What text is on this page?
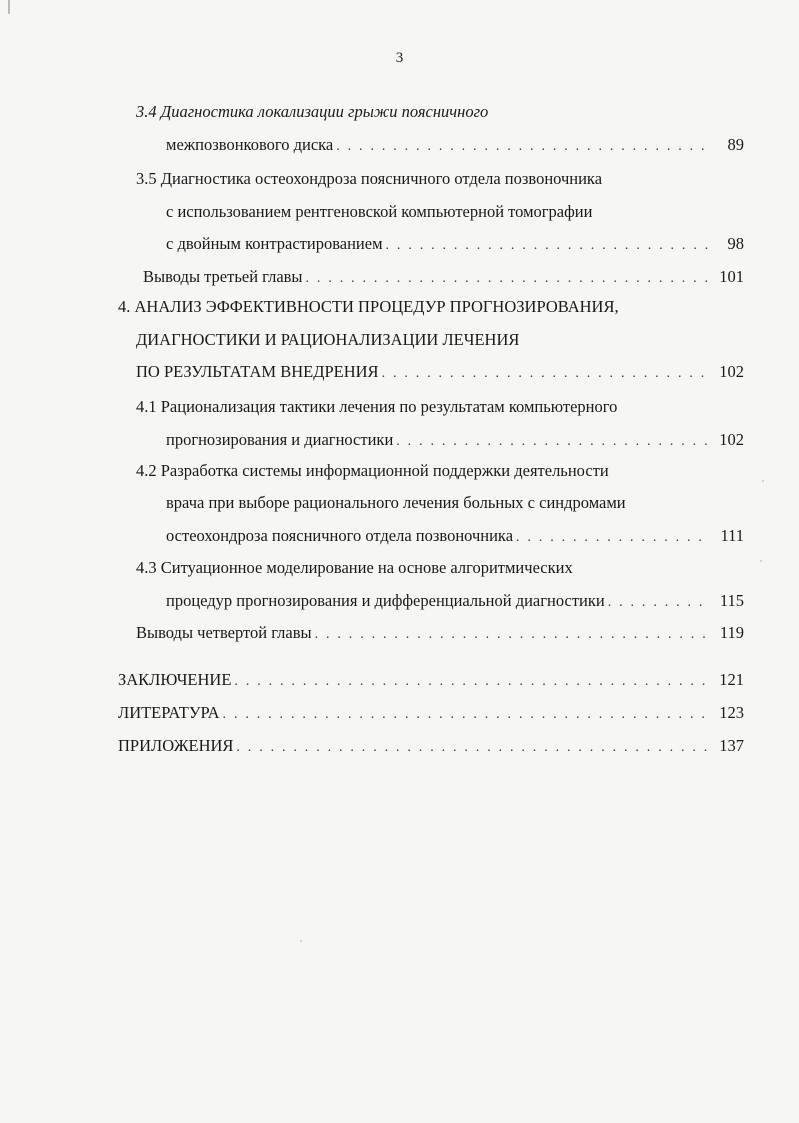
3
3.4 Диагностика локализации грыжи поясничного
межпозвонкового диска . . .	89
3.5 Диагностика остеохондроза поясничного отдела позвоночника
с использованием рентгеновской компьютерной томографии
с двойным контрастированием . . .	98
Выводы третьей главы . . .	101
4. АНАЛИЗ ЭФФЕКТИВНОСТИ ПРОЦЕДУР ПРОГНОЗИРОВАНИЯ,
ДИАГНОСТИКИ И РАЦИОНАЛИЗАЦИИ ЛЕЧЕНИЯ
ПО РЕЗУЛЬТАТАМ ВНЕДРЕНИЯ . . .	102
4.1 Рационализация тактики лечения по результатам компьютерного
прогнозирования и диагностики . . .	102
4.2 Разработка системы информационной поддержки деятельности
врача при выборе рационального лечения больных с синдромами
остеохондроза поясничного отдела позвоночника . . .	111
4.3 Ситуационное моделирование на основе алгоритмических
процедур прогнозирования и дифференциальной диагностики . . .	115
Выводы четвертой главы . . .	119
ЗАКЛЮЧЕНИЕ . . .	121
ЛИТЕРАТУРА . . .	123
ПРИЛОЖЕНИЯ . . .	137
